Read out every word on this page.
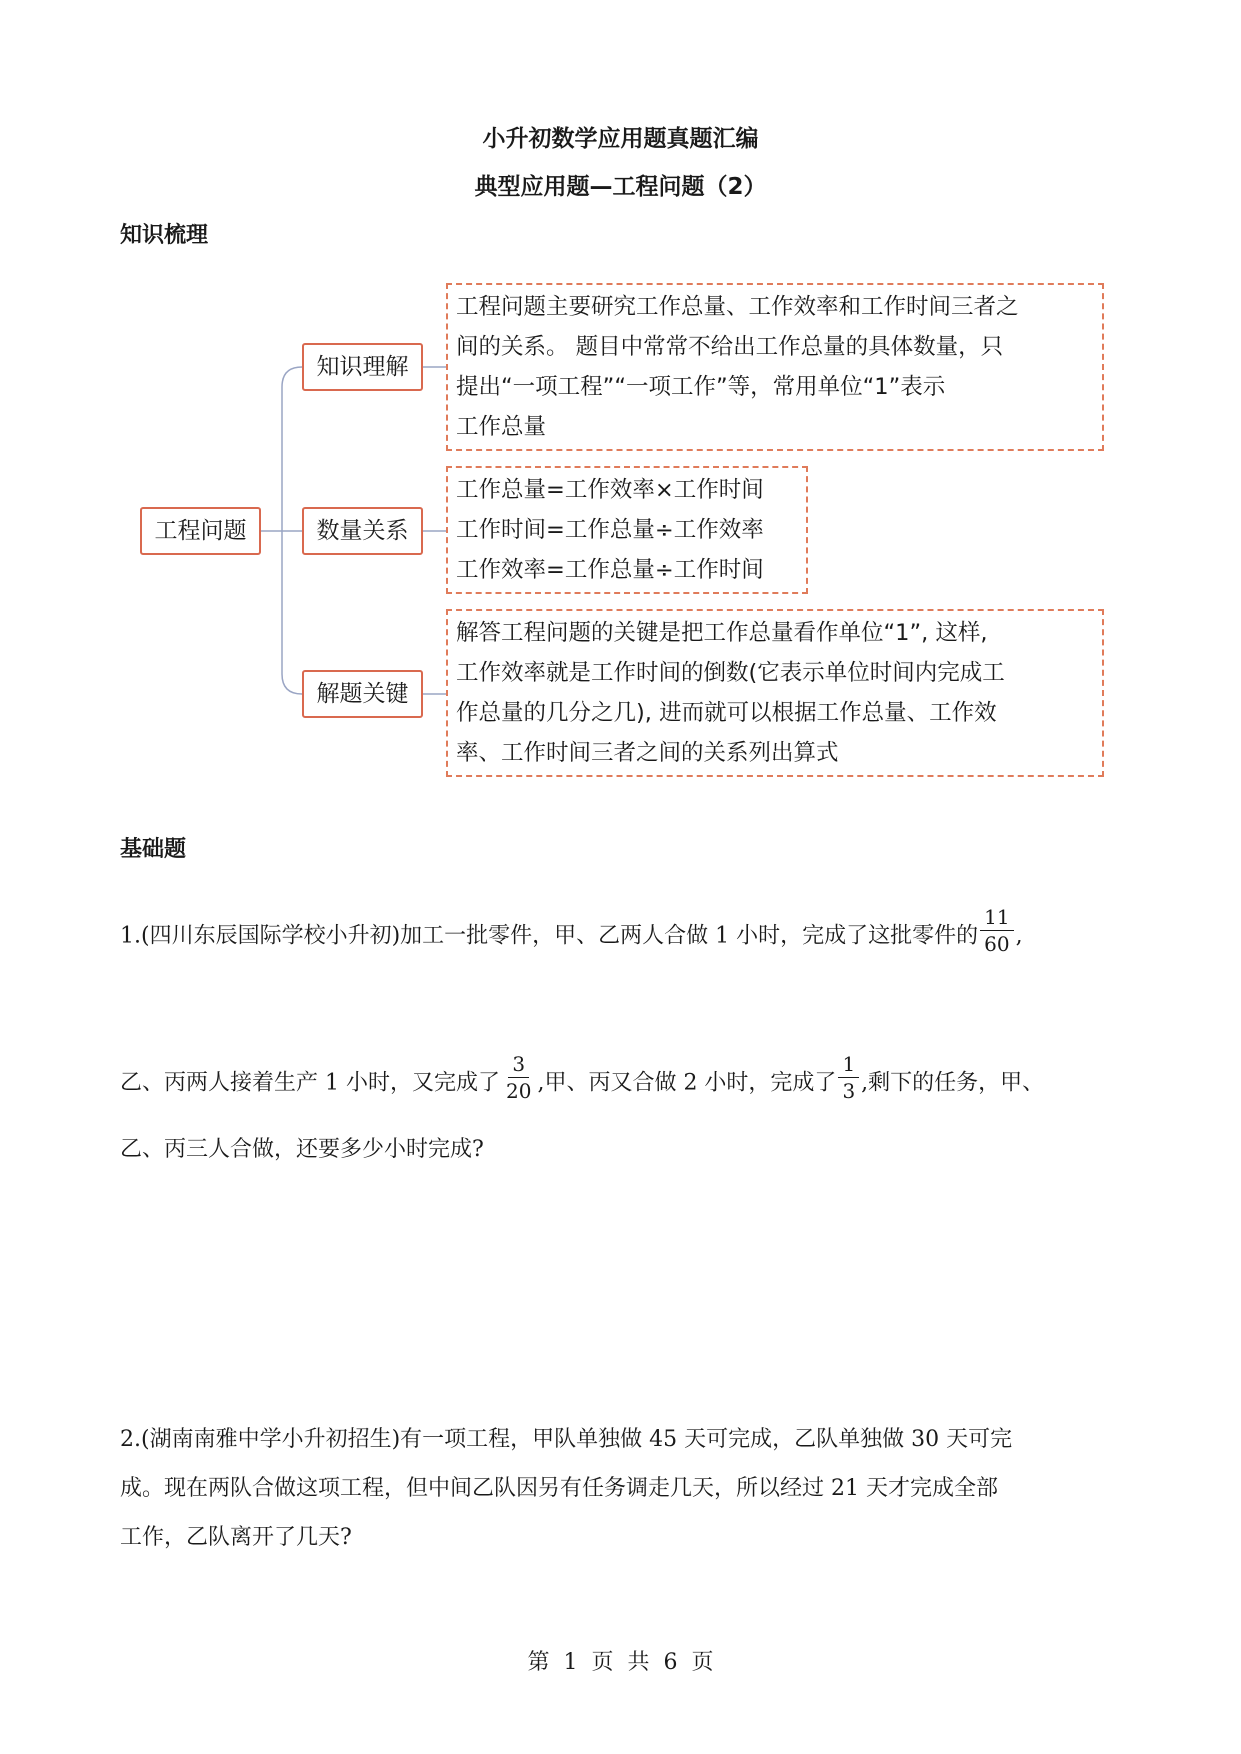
小升初数学应用题真题汇编
典型应用题—工程问题（2）
知识梳理
工程问题
知识理解
数量关系
解题关键
工程问题主要研究工作总量、工作效率和工作时间三者之
间的关系。 题目中常常不给出工作总量的具体数量，只
提出“一项工程”“一项工作”等，常用单位“1”表示
工作总量
工作总量=工作效率×工作时间
工作时间=工作总量÷工作效率
工作效率=工作总量÷工作时间
解答工程问题的关键是把工作总量看作单位“1”, 这样,
工作效率就是工作时间的倒数(它表示单位时间内完成工
作总量的几分之几), 进而就可以根据工作总量、工作效
率、工作时间三者之间的关系列出算式
基础题
1.(四川东辰国际学校小升初)加工一批零件，甲、乙两人合做 1 小时，完成了这批零件的 $\frac{11}{60}$ ,
乙、丙两人接着生产 1 小时，又完成了 $\frac{3}{20}$ ,甲、丙又合做 2 小时，完成了 $\frac{1}{3}$ ,剩下的任务，甲、
乙、丙三人合做，还要多少小时完成?
2.(湖南南雅中学小升初招生)有一项工程，甲队单独做 45 天可完成，乙队单独做 30 天可完
成。现在两队合做这项工程，但中间乙队因另有任务调走几天，所以经过 21 天才完成全部
工作，乙队离开了几天?
第  1  页  共  6  页
